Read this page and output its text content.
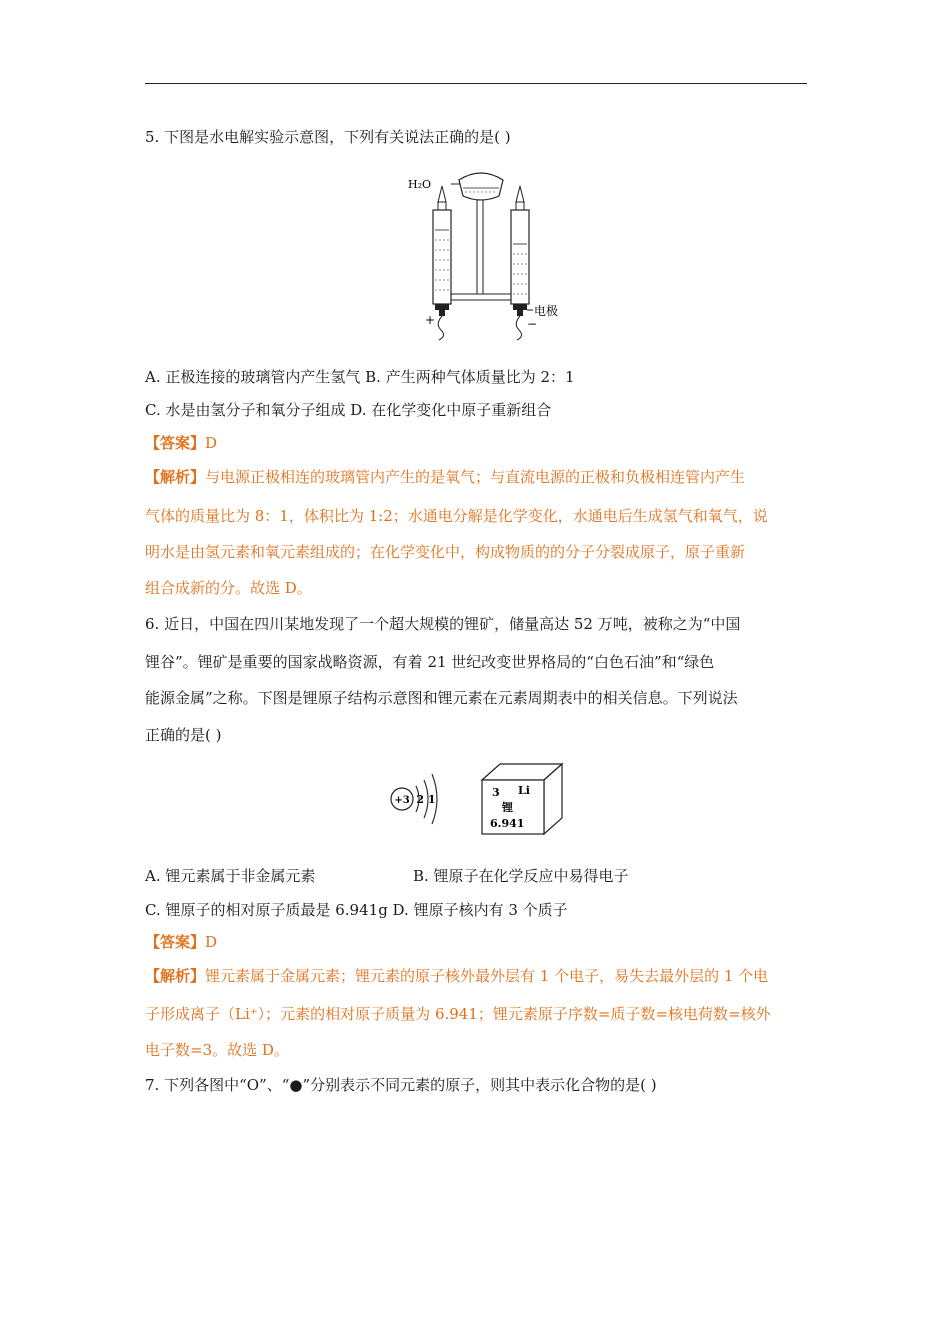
5. 下图是水电解实验示意图，下列有关说法正确的是( )
H₂O
+	−
电极
A. 正极连接的玻璃管内产生氢气 B. 产生两种气体质量比为 2：1
C. 水是由氢分子和氧分子组成 D. 在化学变化中原子重新组合
【答案】D
【解析】与电源正极相连的玻璃管内产生的是氧气；与直流电源的正极和负极相连管内产生
气体的质量比为 8：1，体积比为 1:2；水通电分解是化学变化，水通电后生成氢气和氧气，说
明水是由氢元素和氧元素组成的；在化学变化中，构成物质的的分子分裂成原子，原子重新
组合成新的分。故选 D。
6. 近日，中国在四川某地发现了一个超大规模的锂矿，储量高达 52 万吨，被称之为“中国
锂谷”。锂矿是重要的国家战略资源，有着 21 世纪改变世界格局的“白色石油”和“绿色
能源金属”之称。下图是锂原子结构示意图和锂元素在元素周期表中的相关信息。下列说法
正确的是( )
+3 2 1
3 Li
锂
6.941
A. 锂元素属于非金属元素	B. 锂原子在化学反应中易得电子
C. 锂原子的相对原子质最是 6.941g D. 锂原子核内有 3 个质子
【答案】D
【解析】锂元素属于金属元素；锂元素的原子核外最外层有 1 个电子，易失去最外层的 1 个电
子形成离子（Li⁺）；元素的相对原子质量为 6.941；锂元素原子序数=质子数=核电荷数=核外
电子数=3。故选 D。
7. 下列各图中“O”、“●”分别表示不同元素的原子，则其中表示化合物的是( )
